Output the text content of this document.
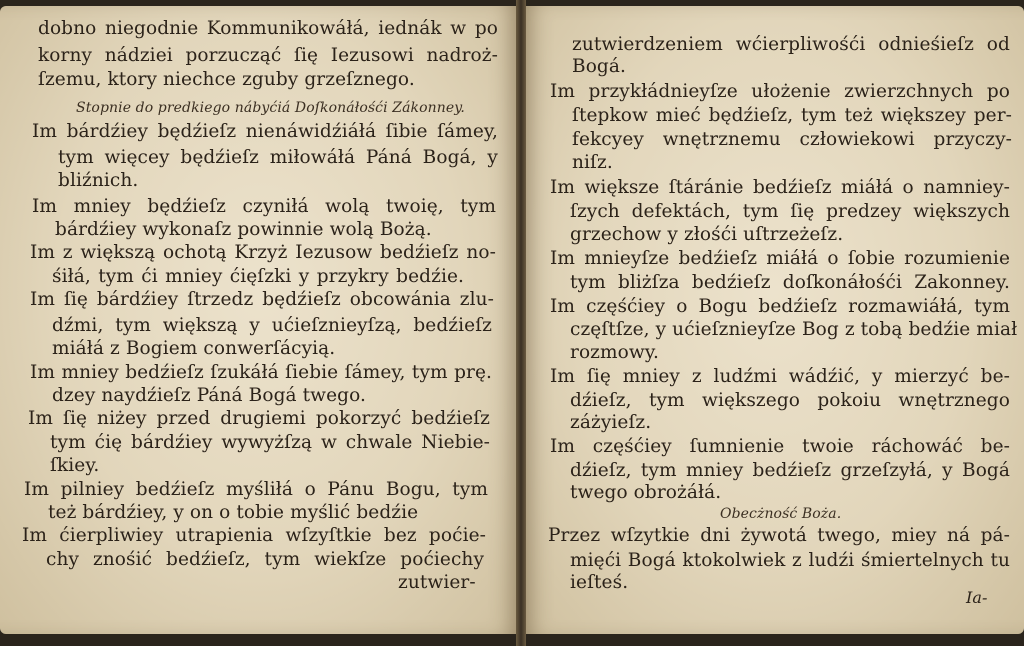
dobno niegodnie Kommunikowáłá, iednák w po
korny nádziei porzucząć ſię Iezusowi nadroż-
ſzemu, ktory niechce zguby grzeſznego.
Stopnie do predkiego nábyćiá Doſkonáłośći Zákonney.
Im bárdźiey będźieſz nienáwidźiáłá ſibie ſámey,
tym więcey będźieſz miłowáłá Páná Bogá, y
bliźnich.
Im mniey będźieſz czyniłá wolą twoię, tym
bárdźiey wykonaſz powinnie wolą Bożą.
Im z większą ochotą Krzyż Iezusow bedźieſz no-
śiłá, tym ći mniey ćięſzki y przykry bedźie.
Im ſię bárdźiey ſtrzedz będźieſz obcowánia zlu-
dźmi, tym większą y ućieſznieyſzą, bedźieſz
miáłá z Bogiem conwerſácyią.
Im mniey bedźieſz ſzukáłá ſiebie ſámey, tym prę.
dzey naydźieſz Páná Bogá twego.
Im ſię niżey przed drugiemi pokorzyć bedźieſz
tym ćię bárdźiey wywyżſzą w chwale Niebie-
ſkiey.
Im pilniey bedźieſz myśliłá o Pánu Bogu, tym
też bárdźiey, y on o tobie myślić bedźie
Im ćierpliwiey utrapienia wſzyſtkie bez poćie-
chy znośić bedźieſz, tym wiekſze poćiechy
zutwier-
zutwierdzeniem wćierpliwośći odnieśieſz od
Bogá.
Im przykłádnieyſze ułożenie zwierzchnych po
ſtepkow mieć będźieſz, tym też większey per-
fekcyey wnętrznemu człowiekowi przyczy-
niſz.
Im większe ſtáránie bedźieſz miáłá o namniey-
ſzych defektách, tym ſię predzey większych
grzechow y złośći uſtrzeżeſz.
Im mnieyſze bedźieſz miáłá o ſobie rozumienie
tym bliżſza bedźieſz doſkonáłośći Zakonney.
Im częśćiey o Bogu bedźieſz rozmawiáłá, tym
częſtſze, y ućieſznieyſze Bog z tobą bedźie miał
rozmowy.
Im ſię mniey z ludźmi wádźić, y mierzyć be-
dźieſz, tym większego pokoiu wnętrznego
záżyieſz.
Im częśćiey ſumnienie twoie ráchowáć be-
dźieſz, tym mniey bedźieſz grzeſzyłá, y Bogá
twego obrożáłá.
Obecżność Boża.
Przez wſzytkie dni żywotá twego, miey ná pá-
mięći Bogá ktokolwiek z ludźi śmiertelnych tu
ieſteś.
Ia-
